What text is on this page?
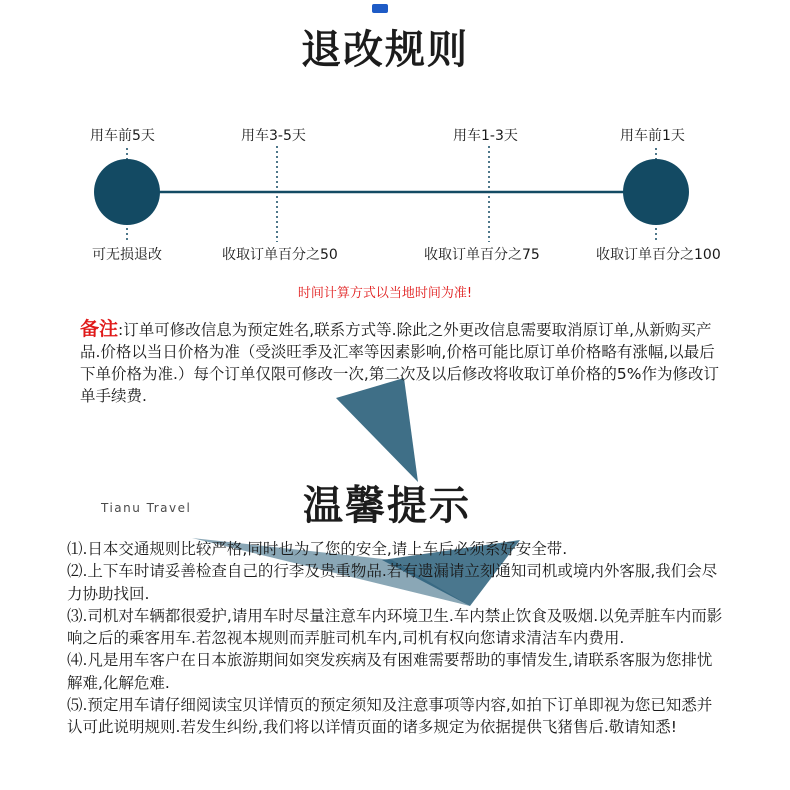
退改规则
用车前5天	用车3-5天	用车1-3天	用车前1天
可无损退改	收取订单百分之50	收取订单百分之75	收取订单百分之100
时间计算方式以当地时间为准!
备注:订单可修改信息为预定姓名,联系方式等.除此之外更改信息需要取消原订单,从新购买产品.价格以当日价格为准（受淡旺季及汇率等因素影响,价格可能比原订单价格略有涨幅,以最后下单价格为准.）每个订单仅限可修改一次,第二次及以后修改将收取订单价格的5%作为修改订单手续费.
Tianu Travel	温馨提示

⑴.日本交通规则比较严格,同时也为了您的安全,请上车后必须系好安全带.

⑵.上下车时请妥善检查自己的行李及贵重物品.若有遗漏请立刻通知司机或境内外客服,我们会尽力协助找回.

⑶.司机对车辆都很爱护,请用车时尽量注意车内环境卫生.车内禁止饮食及吸烟.以免弄脏车内而影响之后的乘客用车.若忽视本规则而弄脏司机车内,司机有权向您请求清洁车内费用.

⑷.凡是用车客户在日本旅游期间如突发疾病及有困难需要帮助的事情发生,请联系客服为您排忧解难,化解危难.

⑸.预定用车请仔细阅读宝贝详情页的预定须知及注意事项等内容,如拍下订单即视为您已知悉并认可此说明规则.若发生纠纷,我们将以详情页面的诸多规定为依据提供飞猪售后.敬请知悉!
